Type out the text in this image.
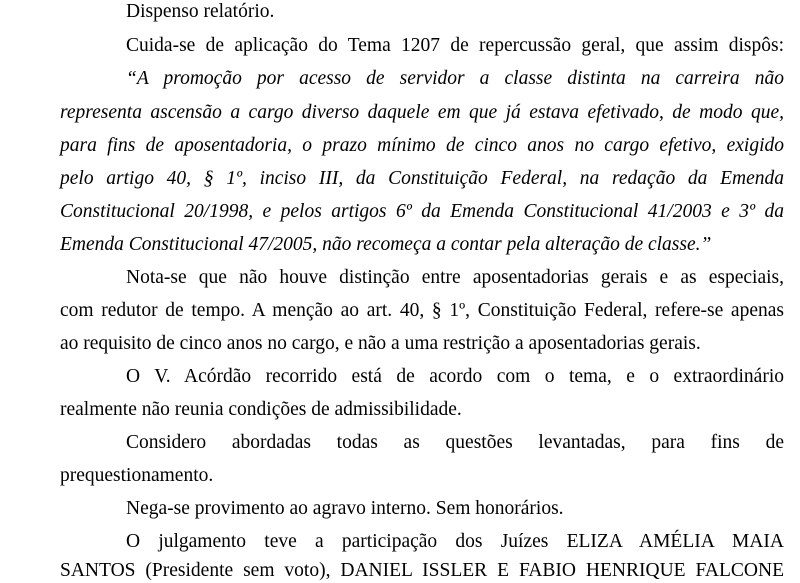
Dispenso relatório.
Cuida-se de aplicação do Tema 1207 de repercussão geral, que assim dispôs:
“A promoção por acesso de servidor a classe distinta na carreira não
representa ascensão a cargo diverso daquele em que já estava efetivado, de modo que,
para fins de aposentadoria, o prazo mínimo de cinco anos no cargo efetivo, exigido
pelo artigo 40, § 1º, inciso III, da Constituição Federal, na redação da Emenda
Constitucional 20/1998, e pelos artigos 6º da Emenda Constitucional 41/2003 e 3º da
Emenda Constitucional 47/2005, não recomeça a contar pela alteração de classe.”
Nota-se que não houve distinção entre aposentadorias gerais e as especiais,
com redutor de tempo. A menção ao art. 40, § 1º, Constituição Federal, refere-se apenas
ao requisito de cinco anos no cargo, e não a uma restrição a aposentadorias gerais.
O V. Acórdão recorrido está de acordo com o tema, e o extraordinário
realmente não reunia condições de admissibilidade.
Considero abordadas todas as questões levantadas, para fins de
prequestionamento.
Nega-se provimento ao agravo interno. Sem honorários.
O julgamento teve a participação dos Juízes ELIZA AMÉLIA MAIA
SANTOS (Presidente sem voto), DANIEL ISSLER E FABIO HENRIQUE FALCONE
